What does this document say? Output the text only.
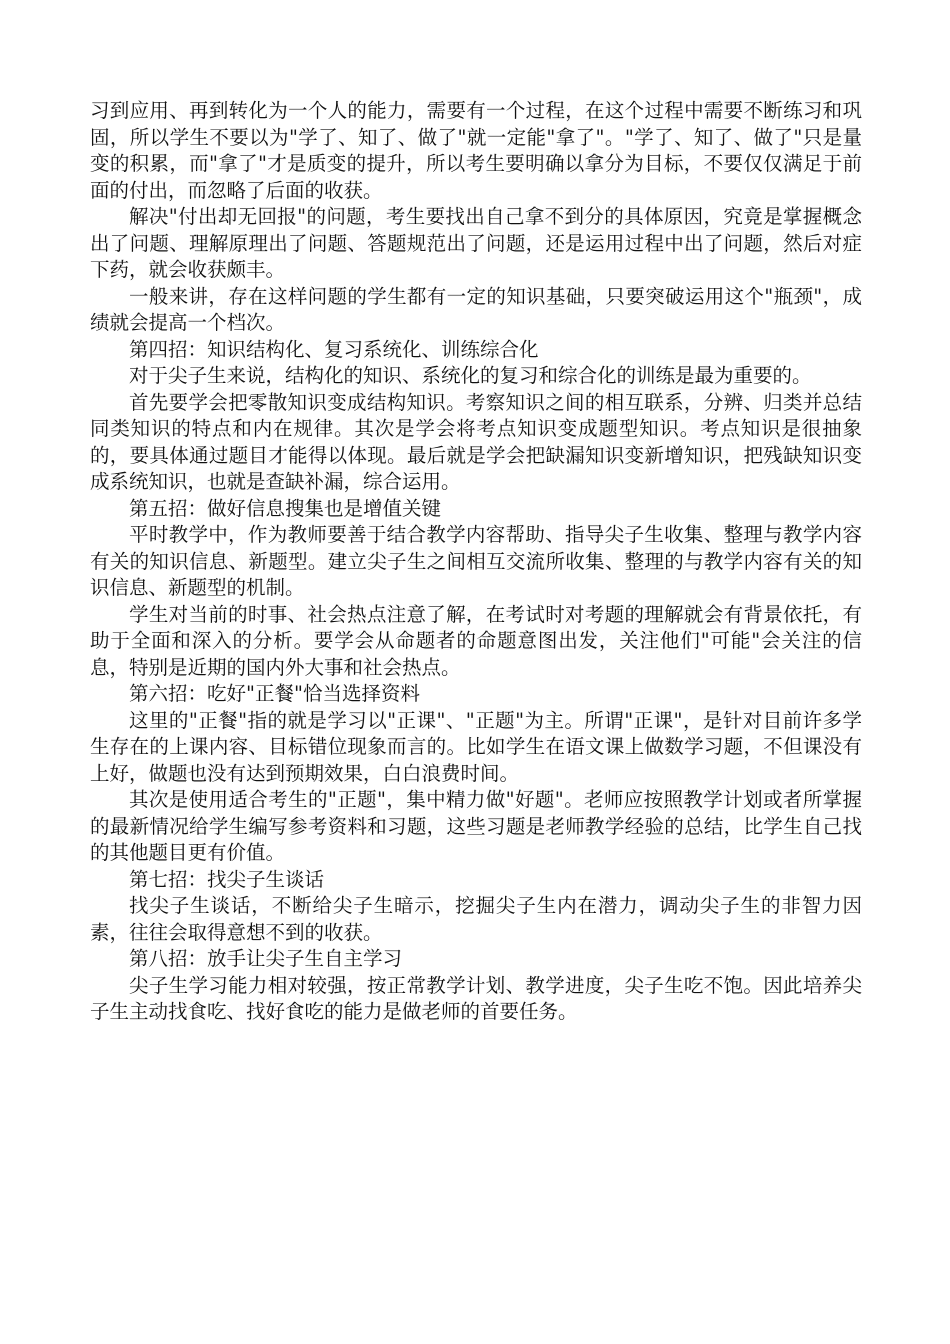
习到应用、再到转化为一个人的能力，需要有一个过程，在这个过程中需要不断练习和巩固，所以学生不要以为"学了、知了、做了"就一定能"拿了"。"学了、知了、做了"只是量变的积累，而"拿了"才是质变的提升，所以考生要明确以拿分为目标，不要仅仅满足于前面的付出，而忽略了后面的收获。

解决"付出却无回报"的问题，考生要找出自己拿不到分的具体原因，究竟是掌握概念出了问题、理解原理出了问题、答题规范出了问题，还是运用过程中出了问题，然后对症下药，就会收获颇丰。

一般来讲，存在这样问题的学生都有一定的知识基础，只要突破运用这个"瓶颈"，成绩就会提高一个档次。

第四招：知识结构化、复习系统化、训练综合化

对于尖子生来说，结构化的知识、系统化的复习和综合化的训练是最为重要的。

首先要学会把零散知识变成结构知识。考察知识之间的相互联系，分辨、归类并总结同类知识的特点和内在规律。其次是学会将考点知识变成题型知识。考点知识是很抽象的，要具体通过题目才能得以体现。最后就是学会把缺漏知识变新增知识，把残缺知识变成系统知识，也就是查缺补漏，综合运用。

第五招：做好信息搜集也是增值关键

平时教学中，作为教师要善于结合教学内容帮助、指导尖子生收集、整理与教学内容有关的知识信息、新题型。建立尖子生之间相互交流所收集、整理的与教学内容有关的知识信息、新题型的机制。

学生对当前的时事、社会热点注意了解，在考试时对考题的理解就会有背景依托，有助于全面和深入的分析。要学会从命题者的命题意图出发，关注他们"可能"会关注的信息，特别是近期的国内外大事和社会热点。

第六招：吃好"正餐"恰当选择资料

这里的"正餐"指的就是学习以"正课"、"正题"为主。所谓"正课"，是针对目前许多学生存在的上课内容、目标错位现象而言的。比如学生在语文课上做数学习题，不但课没有上好，做题也没有达到预期效果，白白浪费时间。

其次是使用适合考生的"正题"，集中精力做"好题"。老师应按照教学计划或者所掌握的最新情况给学生编写参考资料和习题，这些习题是老师教学经验的总结，比学生自己找的其他题目更有价值。

第七招：找尖子生谈话

找尖子生谈话，不断给尖子生暗示，挖掘尖子生内在潜力，调动尖子生的非智力因素，往往会取得意想不到的收获。

第八招：放手让尖子生自主学习

尖子生学习能力相对较强，按正常教学计划、教学进度，尖子生吃不饱。因此培养尖子生主动找食吃、找好食吃的能力是做老师的首要任务。
